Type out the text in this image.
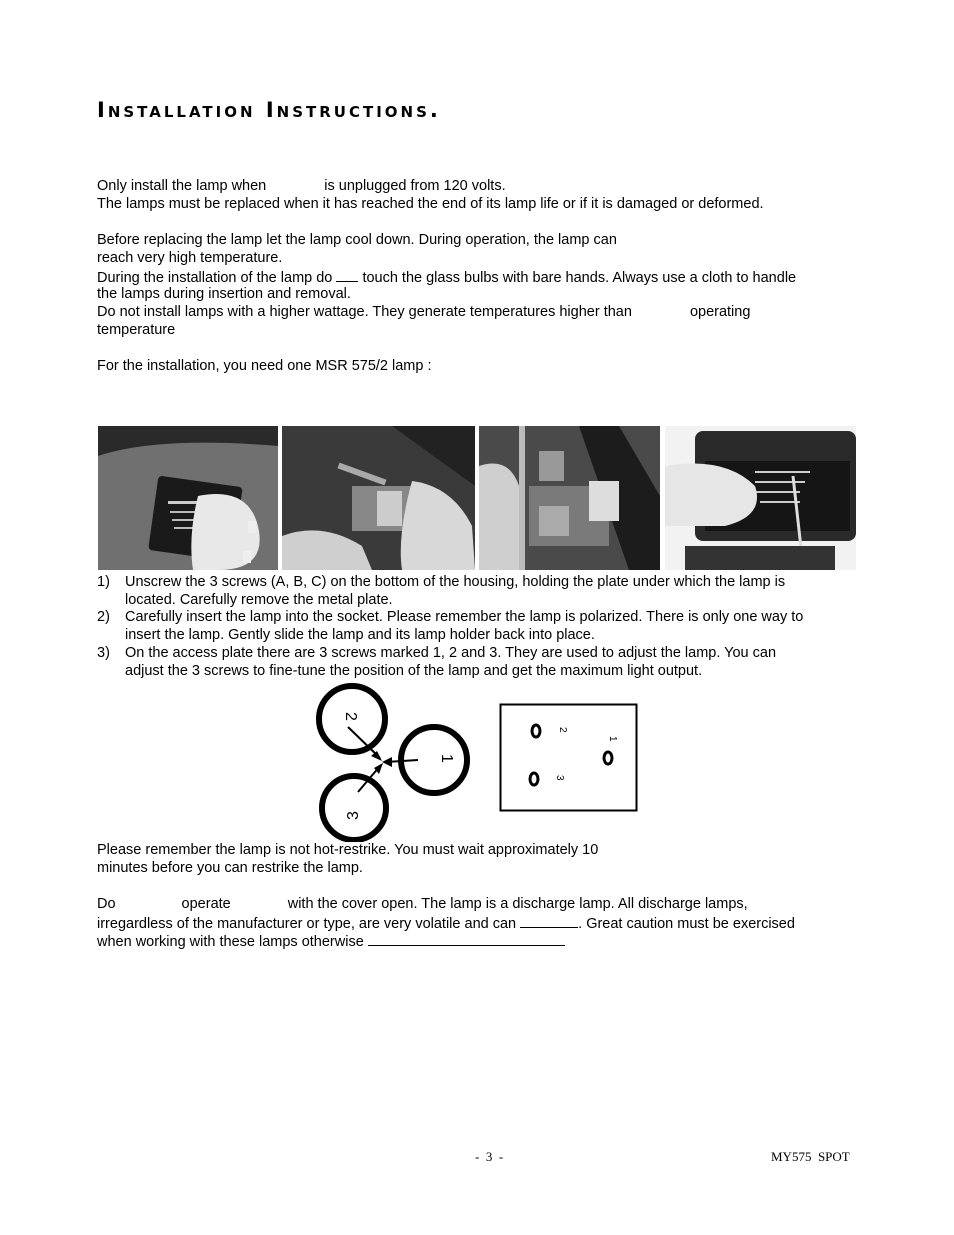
Installation Instructions.
Only install the lamp when	is unplugged from 120 volts.
The lamps must be replaced when it has reached the end of its lamp life or if it is damaged or deformed.
Before replacing the lamp let the lamp cool down. During operation, the lamp can
reach very high temperature.
During the installation of the lamp do touch the glass bulbs with bare hands. Always use a cloth to handle
the lamps during insertion and removal.
Do not install lamps with a higher wattage. They generate temperatures higher than	operating
temperature
For the installation, you need one MSR 575/2 lamp :
1) Unscrew the 3 screws (A, B, C) on the bottom of the housing, holding the plate under which the lamp is
located. Carefully remove the metal plate.
2) Carefully insert the lamp into the socket. Please remember the lamp is polarized. There is only one way to
insert the lamp. Gently slide the lamp and its lamp holder back into place.
3) On the access plate there are 3 screws marked 1, 2 and 3. They are used to adjust the lamp. You can
adjust the 3 screws to fine-tune the position of the lamp and get the maximum light output.
2
3
1
2
3
1
Please remember the lamp is not hot-restrike. You must wait approximately 10
minutes before you can restrike the lamp.
Do	operate	with the cover open. The lamp is a discharge lamp. All discharge lamps,
irregardless of the manufacturer or type, are very volatile and can	. Great caution must be exercised
when working with these lamps otherwise
-  3  -	MY575  SPOT
